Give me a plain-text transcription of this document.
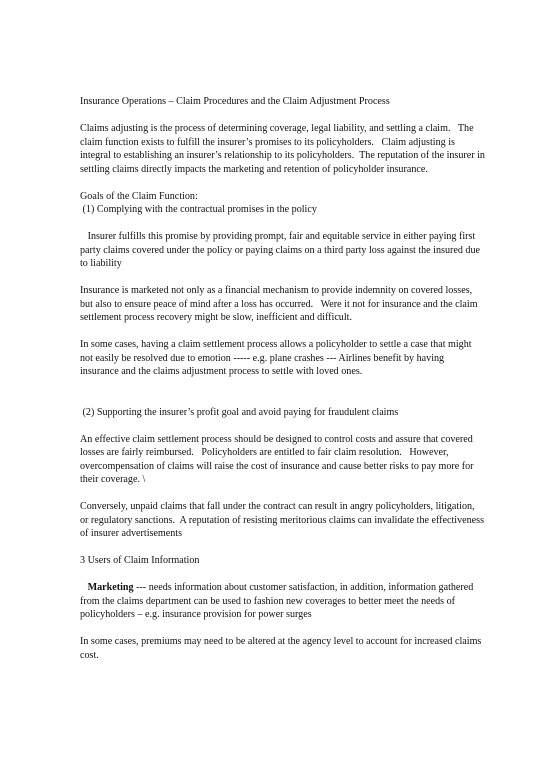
Insurance Operations – Claim Procedures and the Claim Adjustment Process

Claims adjusting is the process of determining coverage, legal liability, and settling a claim.   The claim function exists to fulfill the insurer’s promises to its policyholders.   Claim adjusting is integral to establishing an insurer’s relationship to its policyholders.  The reputation of the insurer in settling claims directly impacts the marketing and retention of policyholder insurance.

Goals of the Claim Function:

(1) Complying with the contractual promises in the policy

Insurer fulfills this promise by providing prompt, fair and equitable service in either paying first party claims covered under the policy or paying claims on a third party loss against the insured due to liability

Insurance is marketed not only as a financial mechanism to provide indemnity on covered losses, but also to ensure peace of mind after a loss has occurred.   Were it not for insurance and the claim settlement process recovery might be slow, inefficient and difficult.

In some cases, having a claim settlement process allows a policyholder to settle a case that might not easily be resolved due to emotion ----- e.g. plane crashes --- Airlines benefit by having insurance and the claims adjustment process to settle with loved ones.

(2) Supporting the insurer’s profit goal and avoid paying for fraudulent claims

An effective claim settlement process should be designed to control costs and assure that covered losses are fairly reimbursed.   Policyholders are entitled to fair claim resolution.   However, overcompensation of claims will raise the cost of insurance and cause better risks to pay more for their coverage. \

Conversely, unpaid claims that fall under the contract can result in angry policyholders, litigation, or regulatory sanctions.  A reputation of resisting meritorious claims can invalidate the effectiveness of insurer advertisements

3 Users of Claim Information

Marketing --- needs information about customer satisfaction, in addition, information gathered from the claims department can be used to fashion new coverages to better meet the needs of policyholders – e.g. insurance provision for power surges

In some cases, premiums may need to be altered at the agency level to account for increased claims cost.
